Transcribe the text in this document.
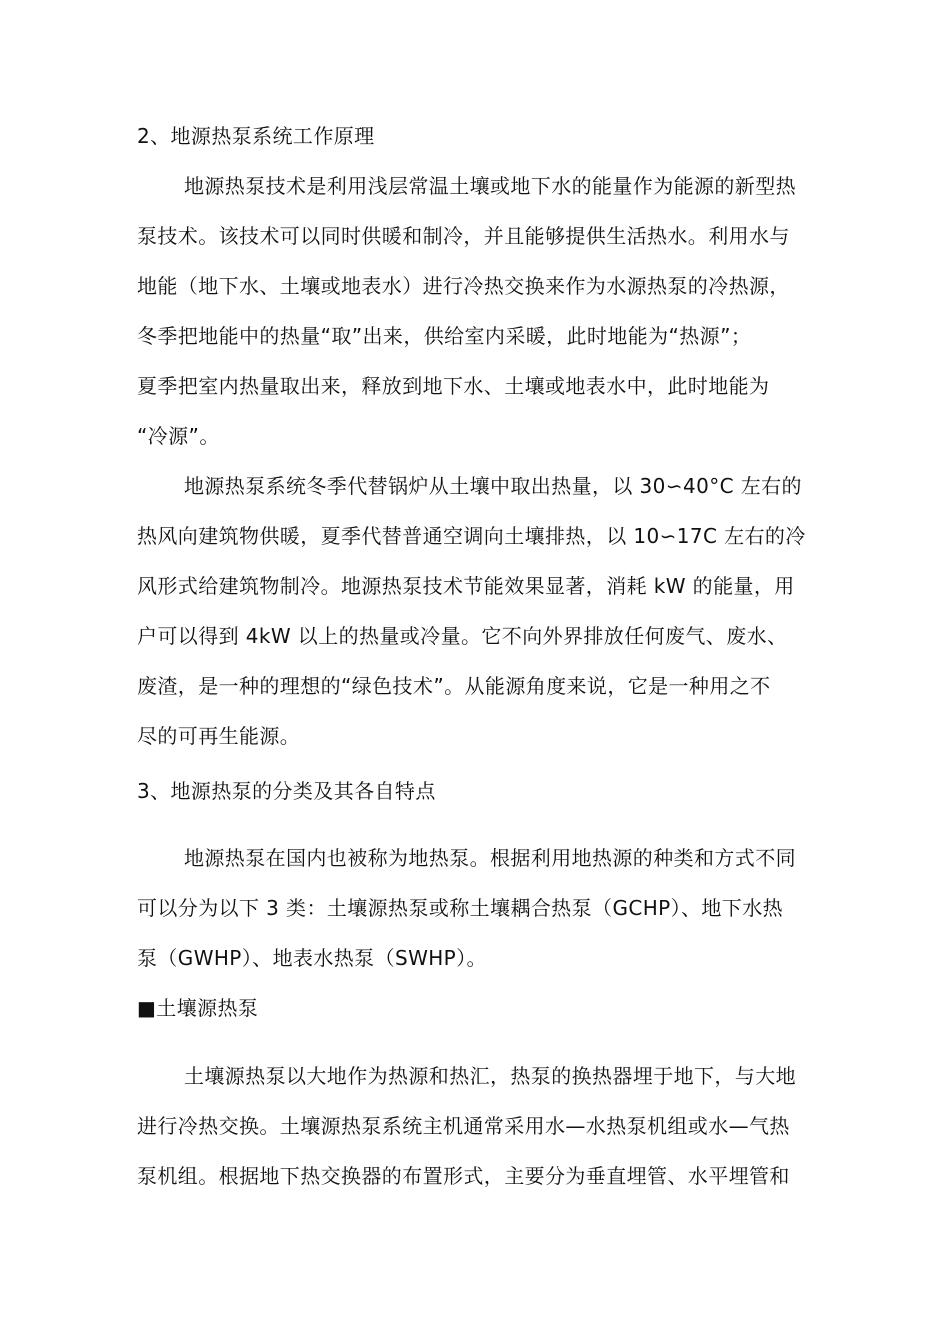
2、地源热泵系统工作原理
地源热泵技术是利用浅层常温土壤或地下水的能量作为能源的新型热
泵技术。该技术可以同时供暖和制冷，并且能够提供生活热水。利用水与
地能（地下水、土壤或地表水）进行冷热交换来作为水源热泵的冷热源，
冬季把地能中的热量“取”出来，供给室内采暖，此时地能为“热源”；
夏季把室内热量取出来，释放到地下水、土壤或地表水中，此时地能为
“冷源”。
地源热泵系统冬季代替锅炉从土壤中取出热量，以 30∽40°C 左右的
热风向建筑物供暖，夏季代替普通空调向土壤排热，以 10∽17C 左右的冷
风形式给建筑物制冷。地源热泵技术节能效果显著，消耗 kW 的能量，用
户可以得到 4kW 以上的热量或冷量。它不向外界排放任何废气、废水、
废渣，是一种的理想的“绿色技术”。从能源角度来说，它是一种用之不
尽的可再生能源。
3、地源热泵的分类及其各自特点
地源热泵在国内也被称为地热泵。根据利用地热源的种类和方式不同
可以分为以下 3 类：土壤源热泵或称土壤耦合热泵（GCHP）、地下水热
泵（GWHP）、地表水热泵（SWHP）。
■土壤源热泵
土壤源热泵以大地作为热源和热汇，热泵的换热器埋于地下，与大地
进行冷热交换。土壤源热泵系统主机通常采用水—水热泵机组或水—气热
泵机组。根据地下热交换器的布置形式，主要分为垂直埋管、水平埋管和
